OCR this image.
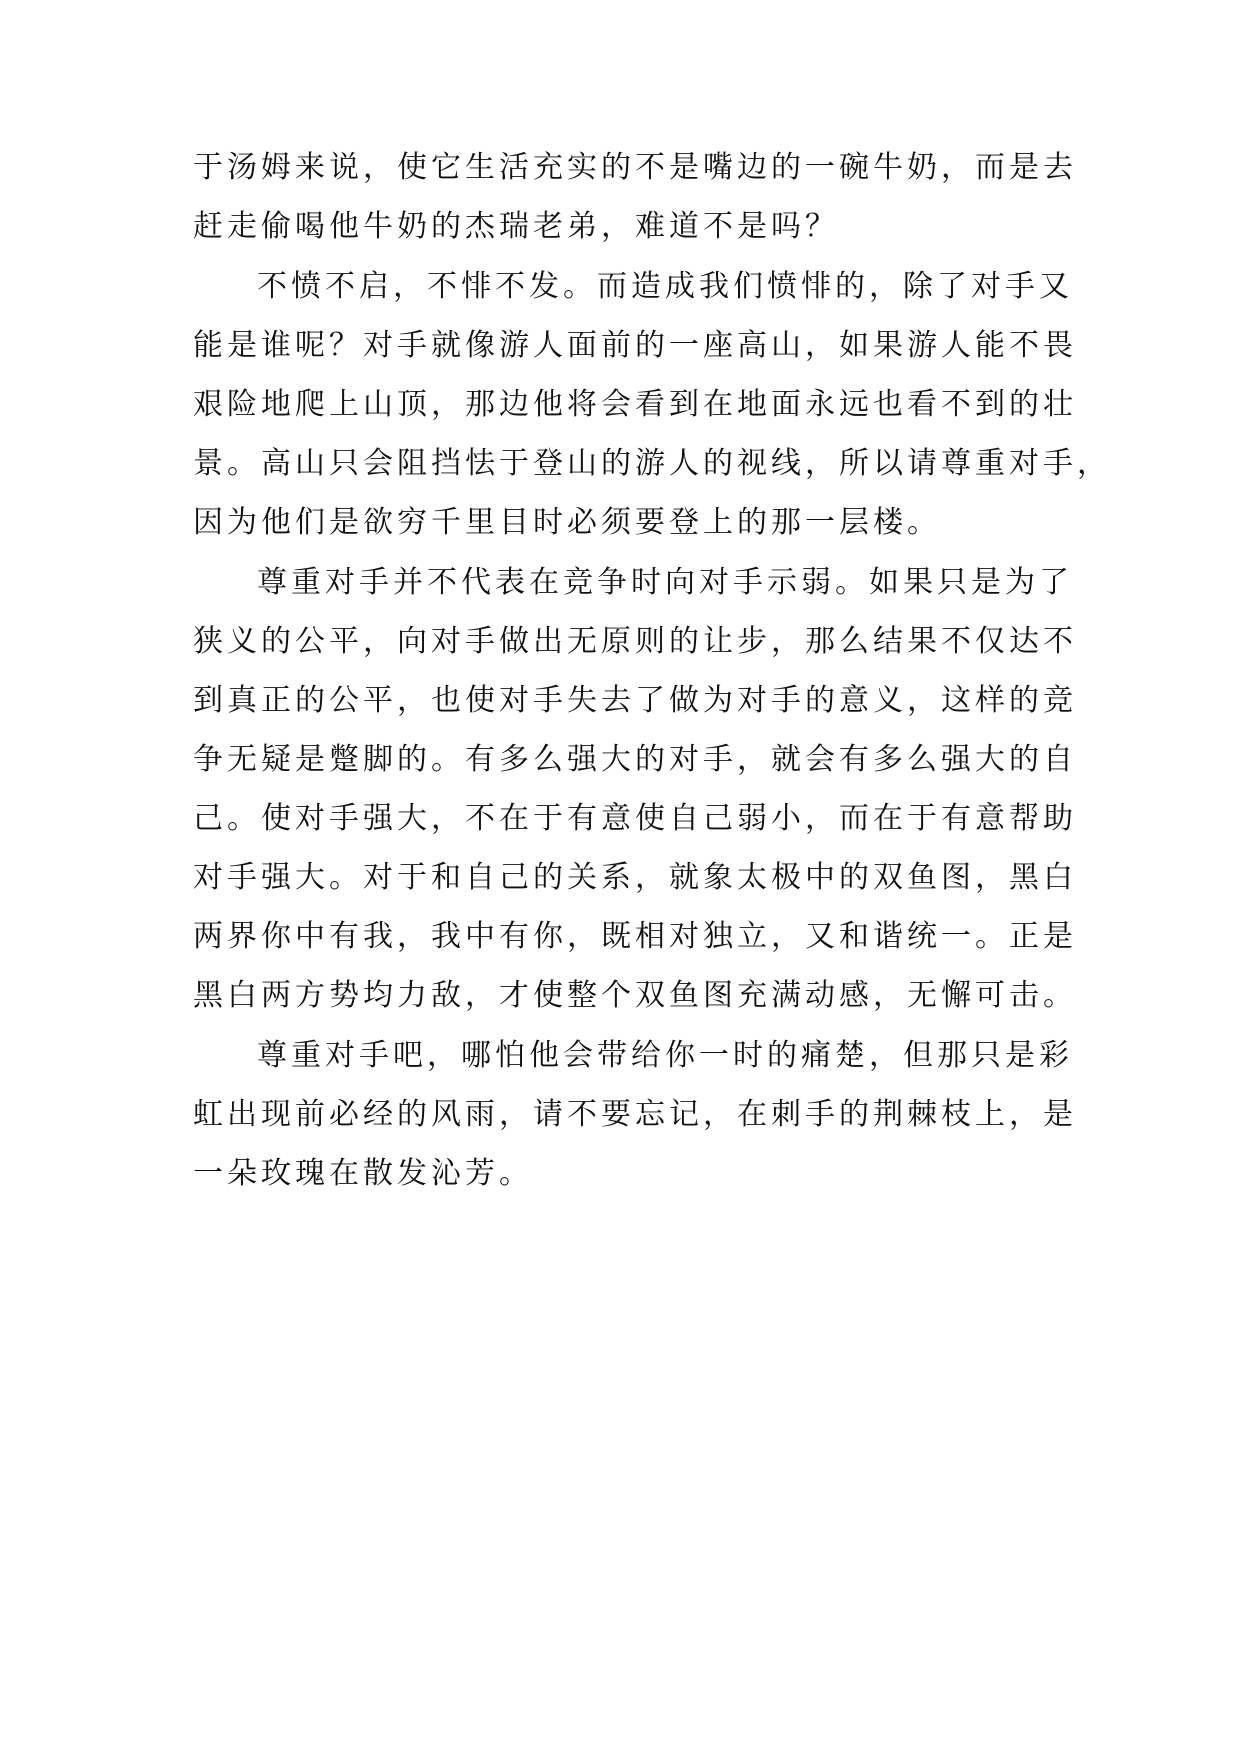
于汤姆来说，使它生活充实的不是嘴边的一碗牛奶，而是去

赶走偷喝他牛奶的杰瑞老弟，难道不是吗？

不愤不启，不悱不发。而造成我们愤悱的，除了对手又

能是谁呢？对手就像游人面前的一座高山，如果游人能不畏

艰险地爬上山顶，那边他将会看到在地面永远也看不到的壮

景。高山只会阻挡怯于登山的游人的视线，所以请尊重对手，

因为他们是欲穷千里目时必须要登上的那一层楼。

尊重对手并不代表在竞争时向对手示弱。如果只是为了

狭义的公平，向对手做出无原则的让步，那么结果不仅达不

到真正的公平，也使对手失去了做为对手的意义，这样的竞

争无疑是蹩脚的。有多么强大的对手，就会有多么强大的自

己。使对手强大，不在于有意使自己弱小，而在于有意帮助

对手强大。对于和自己的关系，就象太极中的双鱼图，黑白

两界你中有我，我中有你，既相对独立，又和谐统一。正是

黑白两方势均力敌，才使整个双鱼图充满动感，无懈可击。

尊重对手吧，哪怕他会带给你一时的痛楚，但那只是彩

虹出现前必经的风雨，请不要忘记，在刺手的荆棘枝上，是

一朵玫瑰在散发沁芳。
